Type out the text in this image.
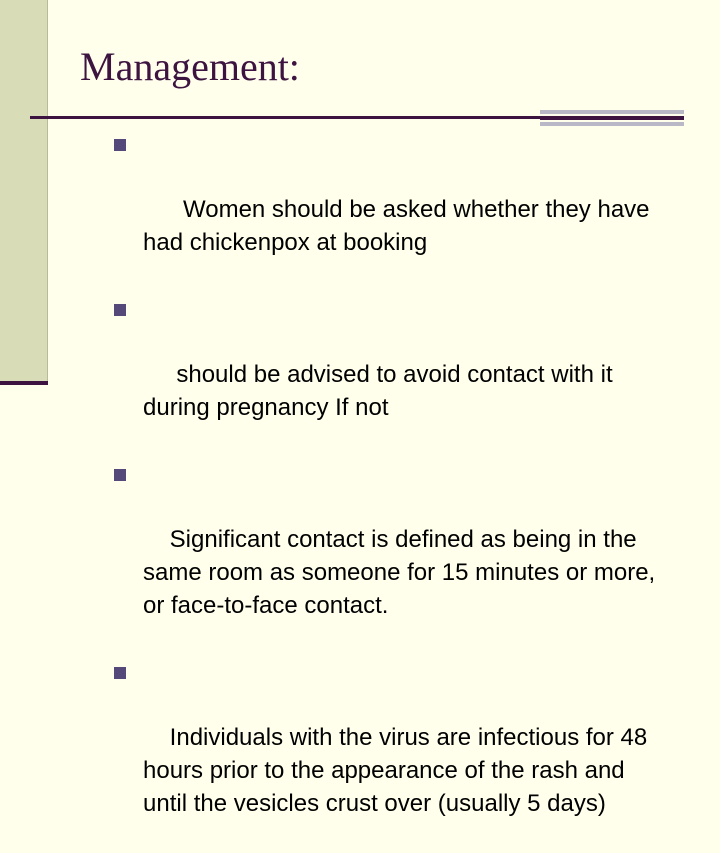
Management:

Women should be asked whether they have had chickenpox at booking

should be advised to avoid contact with it during pregnancy If not

Significant contact is defined as being in the same room as someone for 15 minutes or more, or face-to-face contact.

Individuals with the virus are infectious for 48 hours prior to the appearance of the rash and until the vesicles crust over (usually 5 days)
